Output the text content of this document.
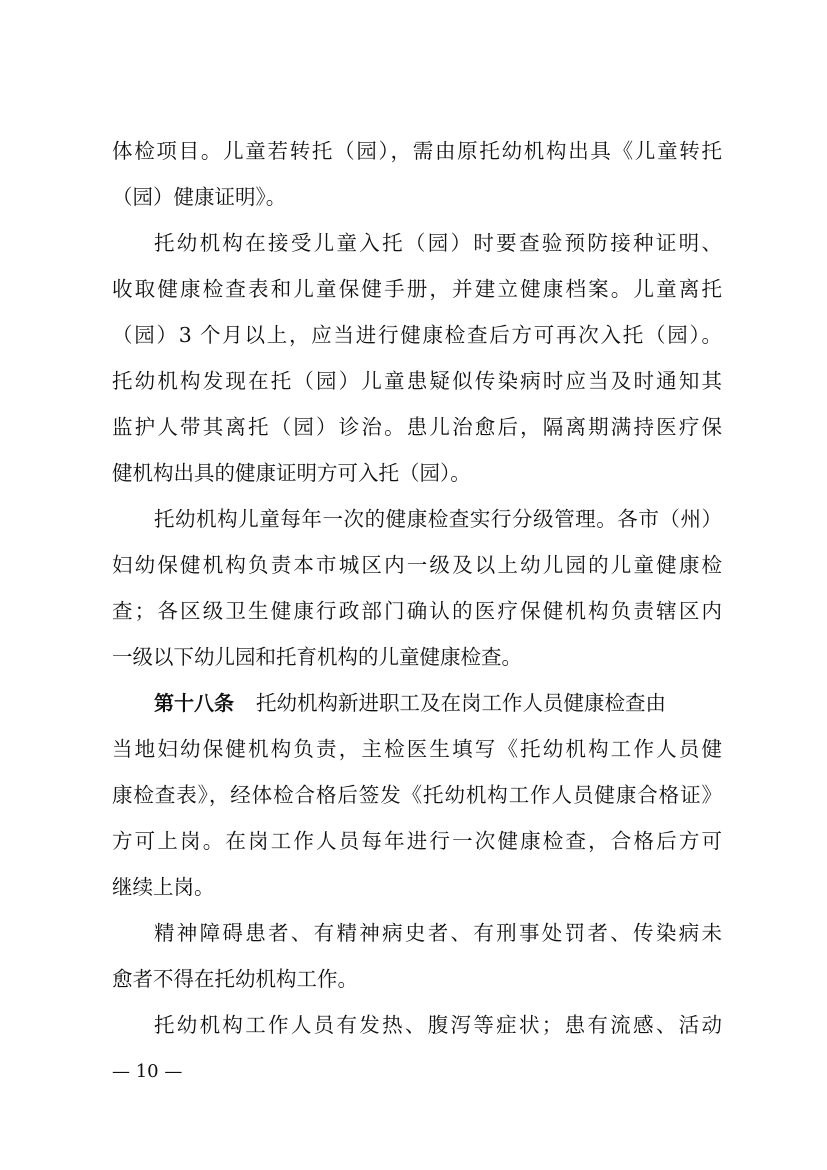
体检项目。儿童若转托（园），需由原托幼机构出具《儿童转托
（园）健康证明》。
托幼机构在接受儿童入托（园）时要查验预防接种证明、
收取健康检查表和儿童保健手册，并建立健康档案。儿童离托
（园）3 个月以上，应当进行健康检查后方可再次入托（园）。
托幼机构发现在托（园）儿童患疑似传染病时应当及时通知其
监护人带其离托（园）诊治。患儿治愈后，隔离期满持医疗保
健机构出具的健康证明方可入托（园）。
托幼机构儿童每年一次的健康检查实行分级管理。各市（州）
妇幼保健机构负责本市城区内一级及以上幼儿园的儿童健康检
查；各区级卫生健康行政部门确认的医疗保健机构负责辖区内
一级以下幼儿园和托育机构的儿童健康检查。
第十八条 托幼机构新进职工及在岗工作人员健康检查由
当地妇幼保健机构负责，主检医生填写《托幼机构工作人员健
康检查表》，经体检合格后签发《托幼机构工作人员健康合格证》
方可上岗。在岗工作人员每年进行一次健康检查，合格后方可
继续上岗。
精神障碍患者、有精神病史者、有刑事处罚者、传染病未
愈者不得在托幼机构工作。
托幼机构工作人员有发热、腹泻等症状；患有流感、活动
— 10 —
